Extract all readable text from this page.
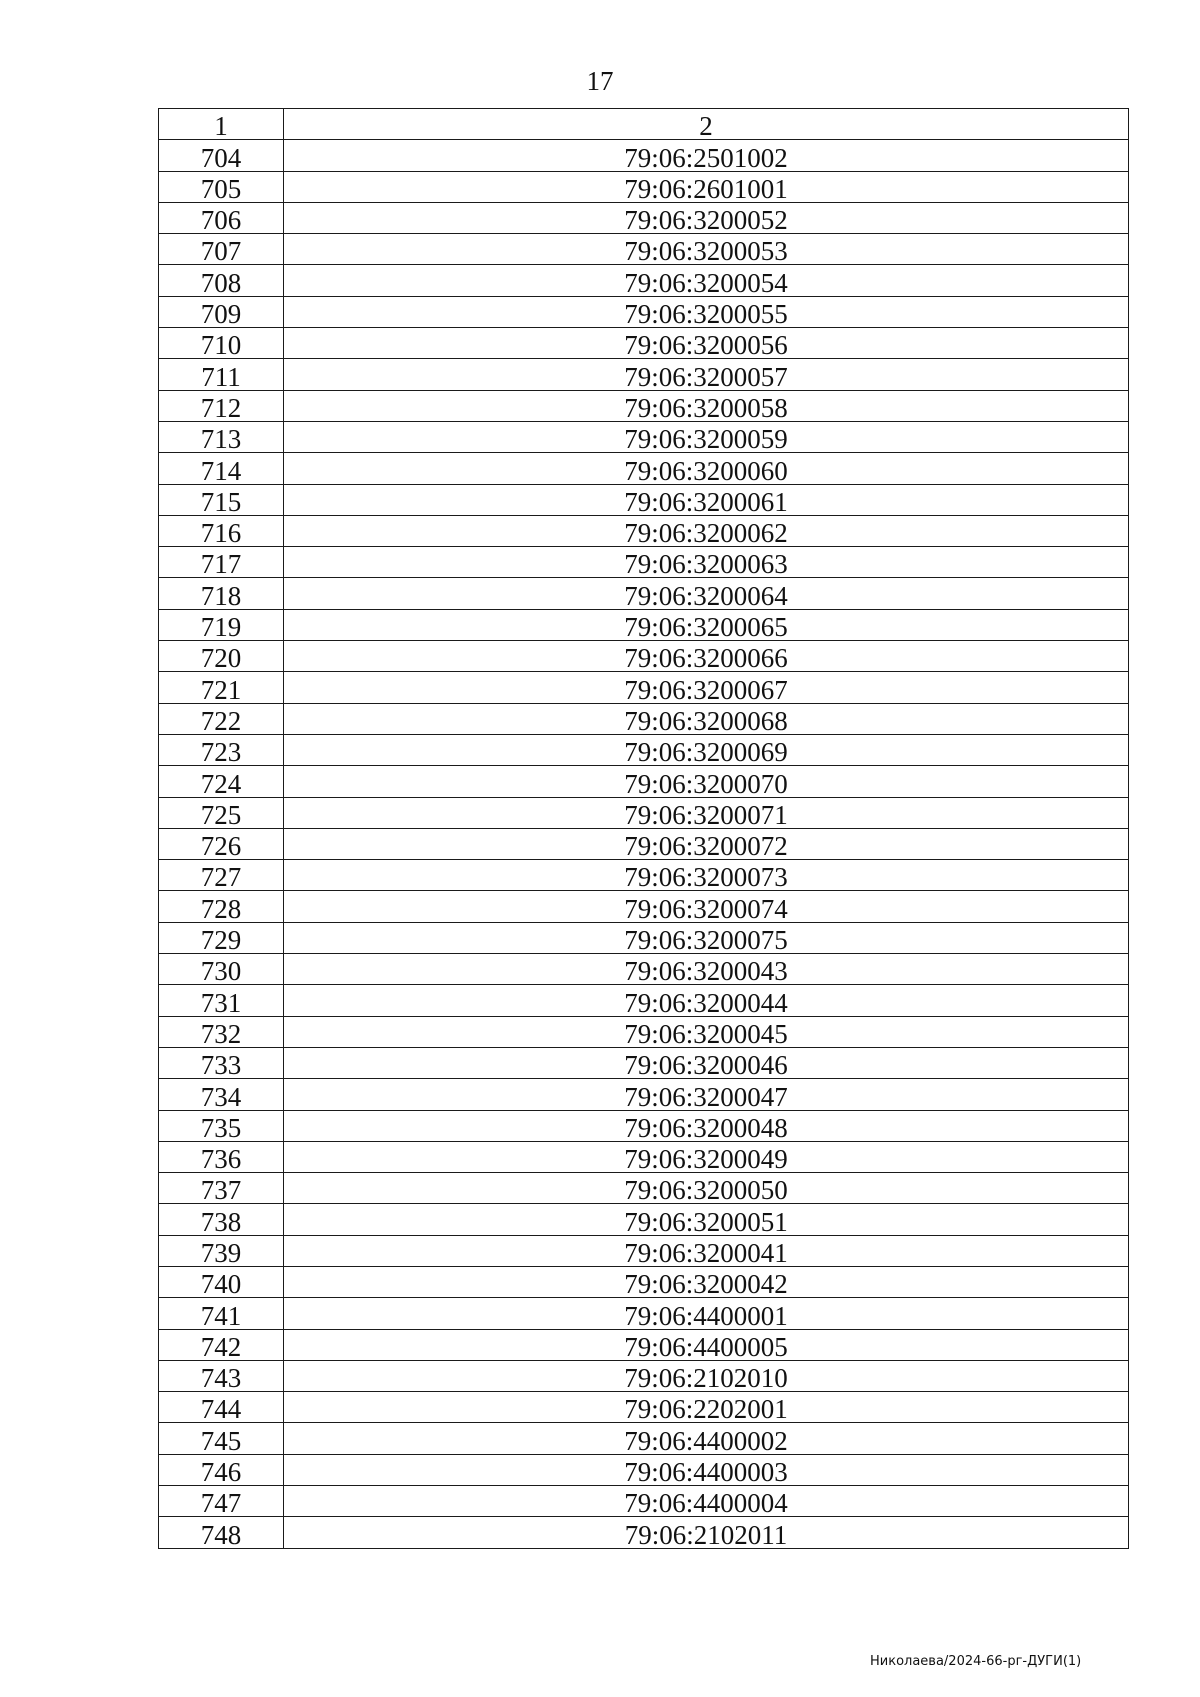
17
1	2
704	79:06:2501002
705	79:06:2601001
706	79:06:3200052
707	79:06:3200053
708	79:06:3200054
709	79:06:3200055
710	79:06:3200056
711	79:06:3200057
712	79:06:3200058
713	79:06:3200059
714	79:06:3200060
715	79:06:3200061
716	79:06:3200062
717	79:06:3200063
718	79:06:3200064
719	79:06:3200065
720	79:06:3200066
721	79:06:3200067
722	79:06:3200068
723	79:06:3200069
724	79:06:3200070
725	79:06:3200071
726	79:06:3200072
727	79:06:3200073
728	79:06:3200074
729	79:06:3200075
730	79:06:3200043
731	79:06:3200044
732	79:06:3200045
733	79:06:3200046
734	79:06:3200047
735	79:06:3200048
736	79:06:3200049
737	79:06:3200050
738	79:06:3200051
739	79:06:3200041
740	79:06:3200042
741	79:06:4400001
742	79:06:4400005
743	79:06:2102010
744	79:06:2202001
745	79:06:4400002
746	79:06:4400003
747	79:06:4400004
748	79:06:2102011
Николаева/2024-66-рг-ДУГИ(1)
